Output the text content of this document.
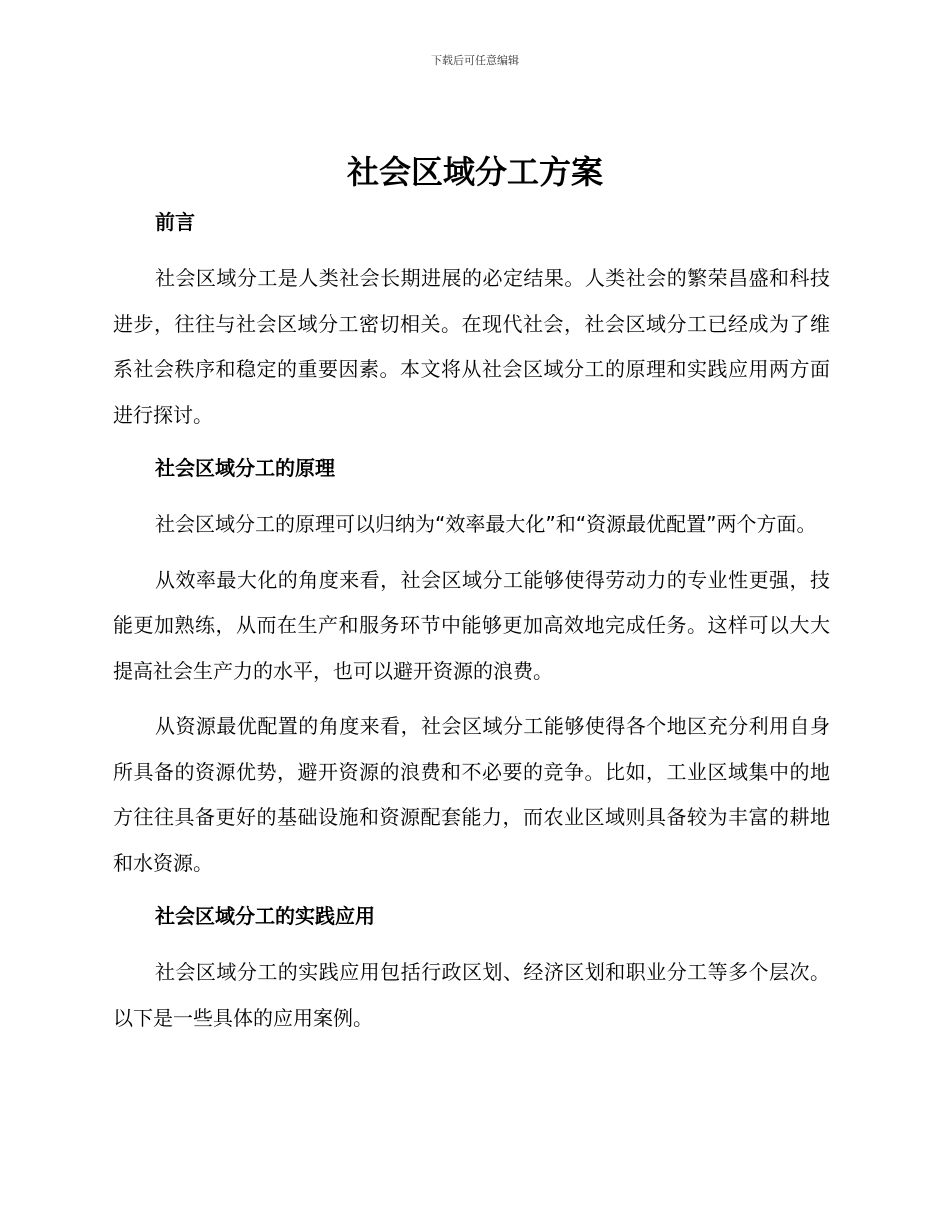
下载后可任意编辑
社会区域分工方案
前言

社会区域分工是人类社会长期进展的必定结果。人类社会的繁荣昌盛和科技进步，往往与社会区域分工密切相关。在现代社会，社会区域分工已经成为了维系社会秩序和稳定的重要因素。本文将从社会区域分工的原理和实践应用两方面进行探讨。

社会区域分工的原理

社会区域分工的原理可以归纳为“效率最大化”和“资源最优配置”两个方面。

从效率最大化的角度来看，社会区域分工能够使得劳动力的专业性更强，技能更加熟练，从而在生产和服务环节中能够更加高效地完成任务。这样可以大大提高社会生产力的水平，也可以避开资源的浪费。

从资源最优配置的角度来看，社会区域分工能够使得各个地区充分利用自身所具备的资源优势，避开资源的浪费和不必要的竞争。比如，工业区域集中的地方往往具备更好的基础设施和资源配套能力，而农业区域则具备较为丰富的耕地和水资源。

社会区域分工的实践应用

社会区域分工的实践应用包括行政区划、经济区划和职业分工等多个层次。以下是一些具体的应用案例。
